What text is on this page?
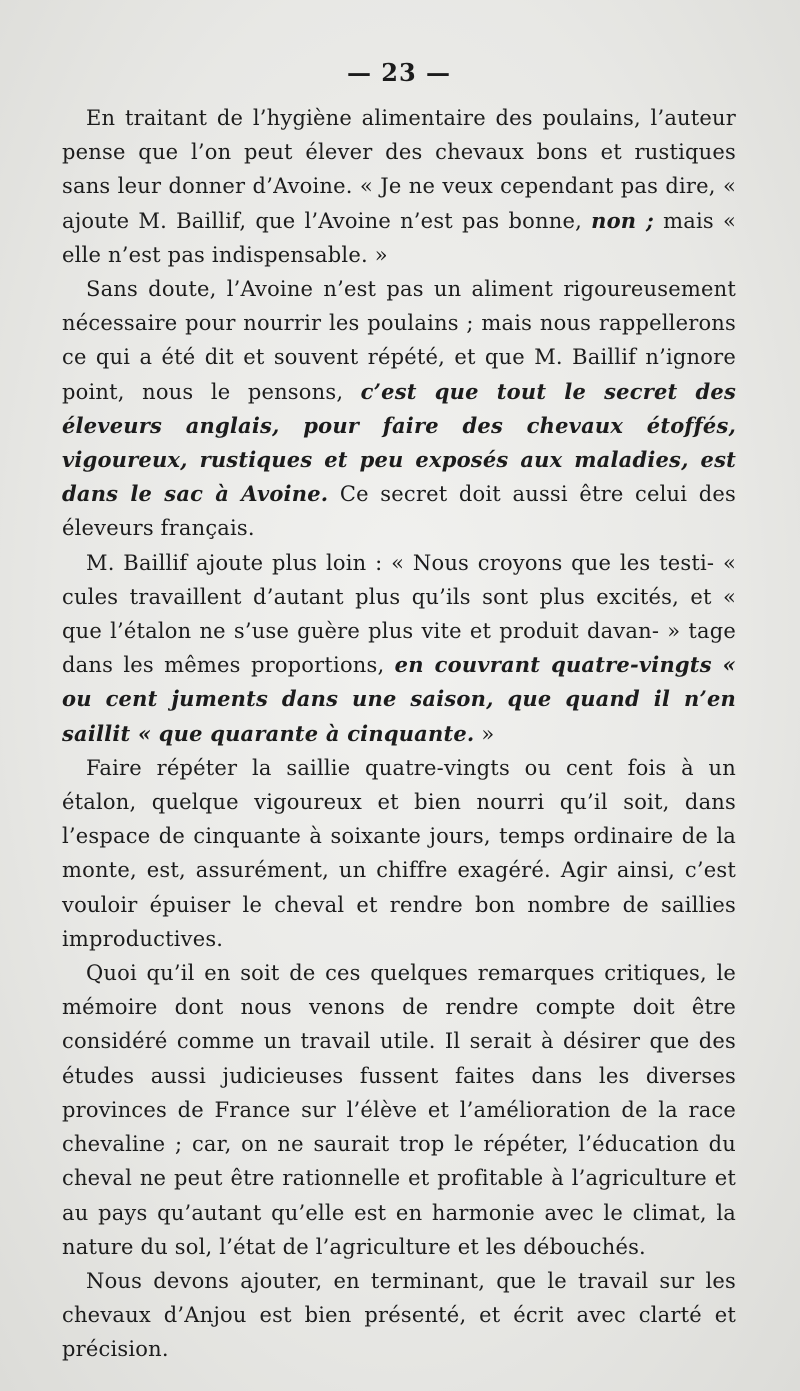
— 23 —

En traitant de l’hygiène alimentaire des poulains, l’auteur pense que l’on peut élever des chevaux bons et rustiques sans leur donner d’Avoine. « Je ne veux cependant pas dire, « ajoute M. Baillif, que l’Avoine n’est pas bonne, non ; mais « elle n’est pas indispensable. »

Sans doute, l’Avoine n’est pas un aliment rigoureusement nécessaire pour nourrir les poulains ; mais nous rappellerons ce qui a été dit et souvent répété, et que M. Baillif n’ignore point, nous le pensons, c’est que tout le secret des éleveurs anglais, pour faire des chevaux étoffés, vigoureux, rustiques et peu exposés aux maladies, est dans le sac à Avoine. Ce secret doit aussi être celui des éleveurs français.

M. Baillif ajoute plus loin : « Nous croyons que les testi- « cules travaillent d’autant plus qu’ils sont plus excités, et « que l’étalon ne s’use guère plus vite et produit davan- » tage dans les mêmes proportions, en couvrant quatre-vingts « ou cent juments dans une saison, que quand il n’en saillit « que quarante à cinquante. »

Faire répéter la saillie quatre-vingts ou cent fois à un étalon, quelque vigoureux et bien nourri qu’il soit, dans l’espace de cinquante à soixante jours, temps ordinaire de la monte, est, assurément, un chiffre exagéré. Agir ainsi, c’est vouloir épuiser le cheval et rendre bon nombre de saillies improductives.

Quoi qu’il en soit de ces quelques remarques critiques, le mémoire dont nous venons de rendre compte doit être considéré comme un travail utile. Il serait à désirer que des études aussi judicieuses fussent faites dans les diverses provinces de France sur l’élève et l’amélioration de la race chevaline ; car, on ne saurait trop le répéter, l’éducation du cheval ne peut être rationnelle et profitable à l’agriculture et au pays qu’autant qu’elle est en harmonie avec le climat, la nature du sol, l’état de l’agriculture et les débouchés.

Nous devons ajouter, en terminant, que le travail sur les chevaux d’Anjou est bien présenté, et écrit avec clarté et précision.
